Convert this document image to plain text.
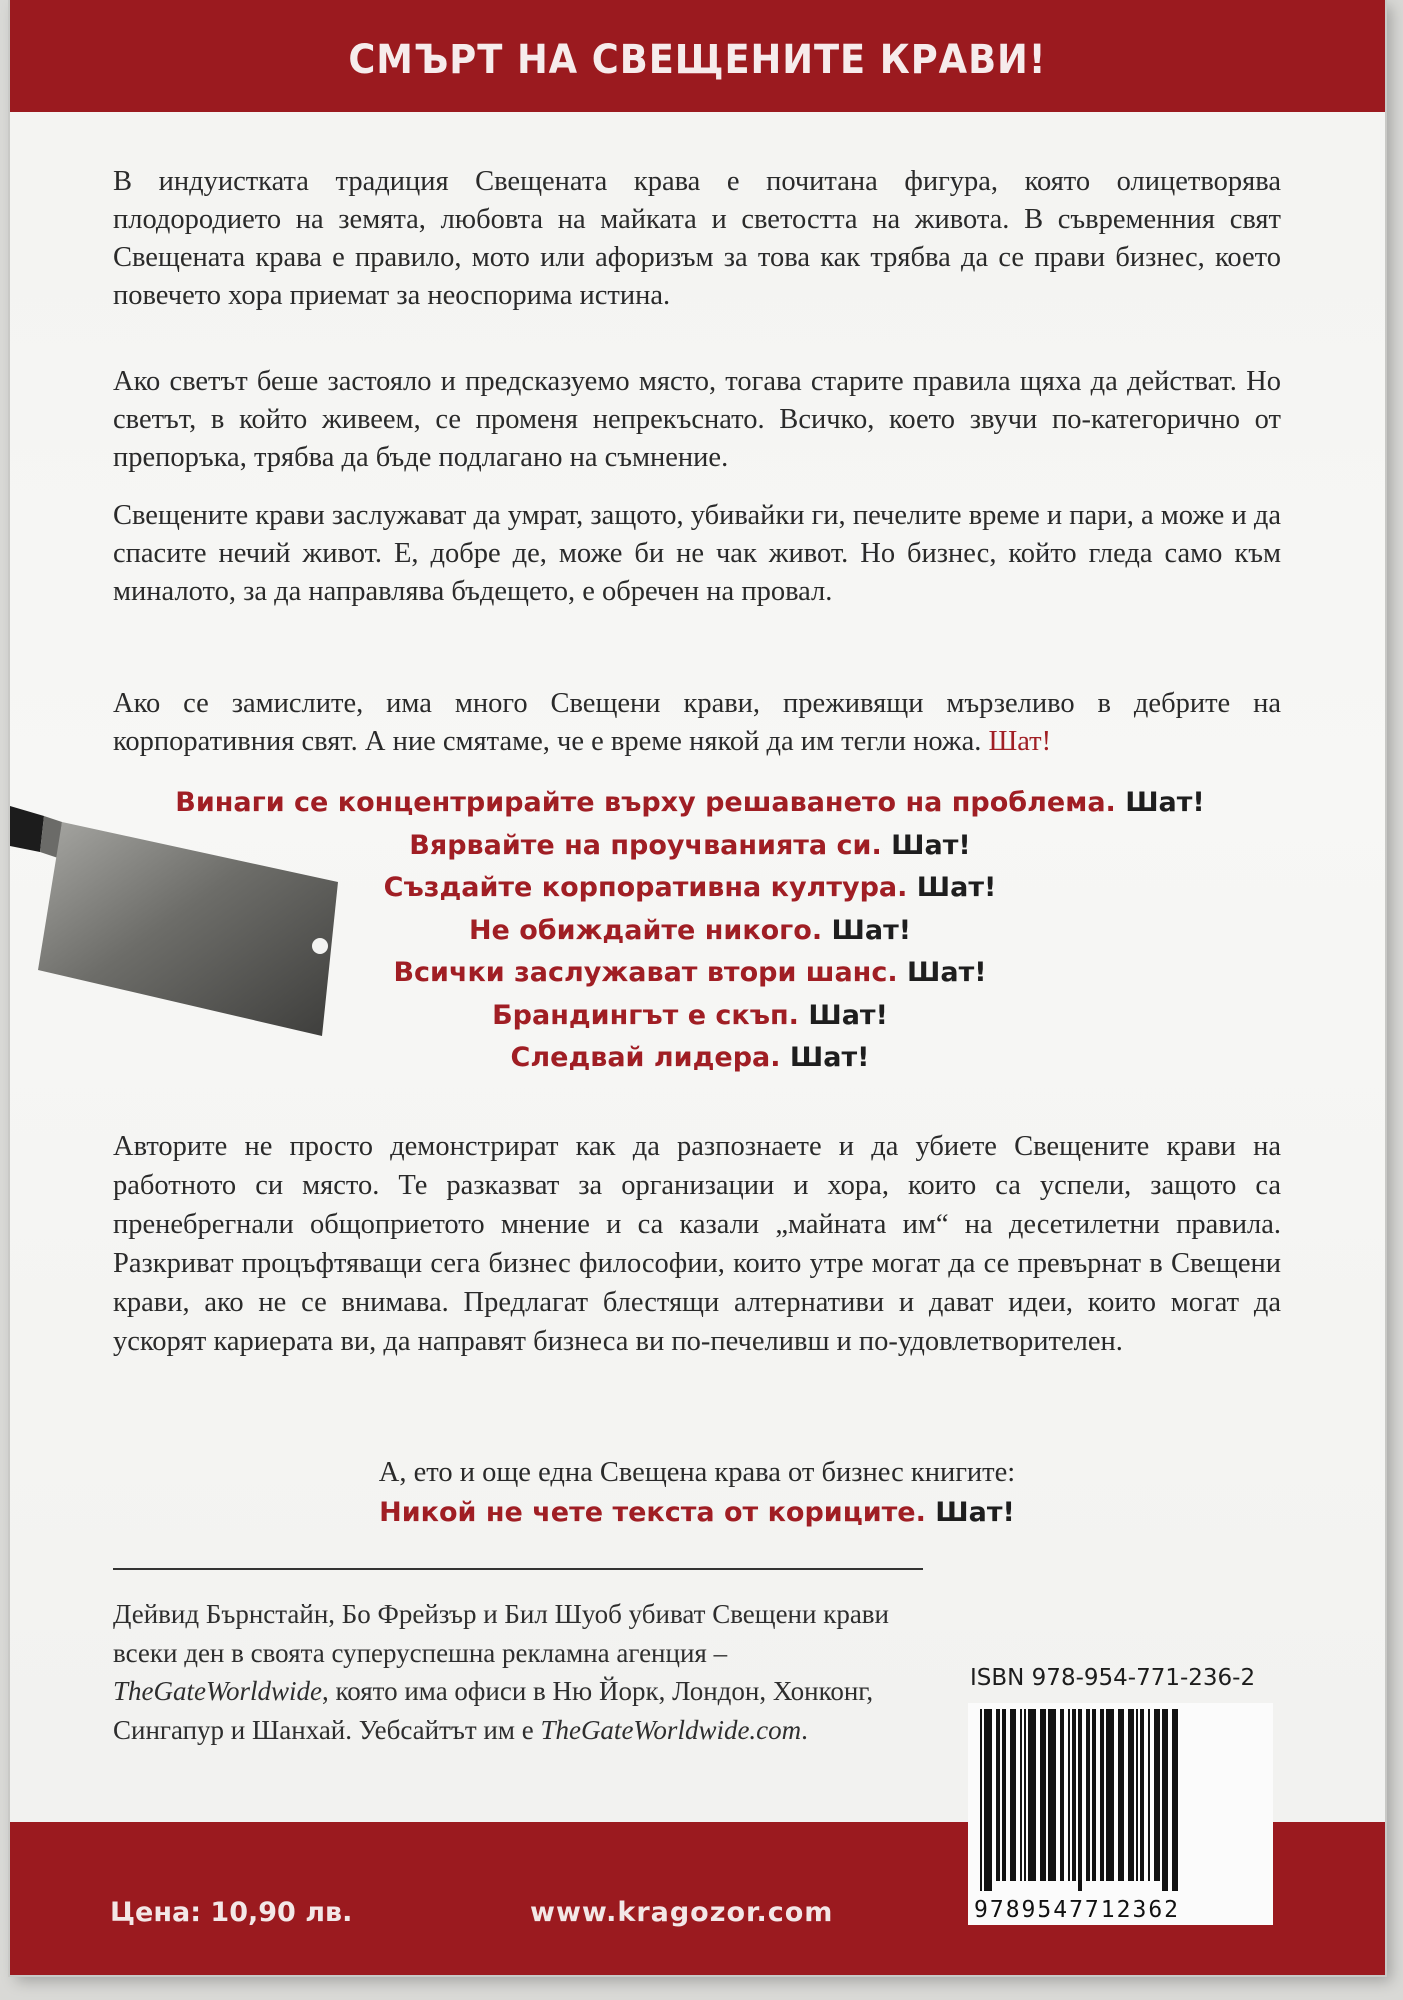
СМЪРТ НА СВЕЩЕНИТЕ КРАВИ!

В индуистката традиция Свещената крава е почитана фигура, която олицетворява плодородието на земята, любовта на майката и светостта на живота. В съвременния свят Свещената крава е правило, мото или афоризъм за това как трябва да се прави бизнес, което повечето хора приемат за неоспорима истина.

Ако светът беше застояло и предсказуемо място, тогава старите правила щяха да действат. Но светът, в който живеем, се променя непрекъснато. Всичко, което звучи по-категорично от препоръка, трябва да бъде подлагано на съмнение.

Свещените крави заслужават да умрат, защото, убивайки ги, печелите време и пари, а може и да спасите нечий живот. Е, добре де, може би не чак живот. Но бизнес, който гледа само към миналото, за да направлява бъдещето, е обречен на провал.

Ако се замислите, има много Свещени крави, преживящи мързеливо в дебрите на корпоративния свят. А ние смятаме, че е време някой да им тегли ножа. Шат!

Винаги се концентрирайте върху решаването на проблема. Шат!
Вярвайте на проучванията си. Шат!
Създайте корпоративна култура. Шат!
Не обиждайте никого. Шат!
Всички заслужават втори шанс. Шат!
Брандингът е скъп. Шат!
Следвай лидера. Шат!

Авторите не просто демонстрират как да разпознаете и да убиете Свещените крави на работното си място. Те разказват за организации и хора, които са успели, защото са пренебрегнали общоприетото мнение и са казали „майната им“ на десетилетни правила. Разкриват процъфтяващи сега бизнес философии, които утре могат да се превърнат в Свещени крави, ако не се внимава. Предлагат блестящи алтернативи и дават идеи, които могат да ускорят кариерата ви, да направят бизнеса ви по-печеливш и по-удовлетворителен.

А, ето и още една Свещена крава от бизнес книгите:
Никой не чете текста от кориците. Шат!

Дейвид Бърнстайн, Бо Фрейзър и Бил Шуоб убиват Свещени крави всеки ден в своята суперуспешна рекламна агенция – TheGateWorldwide, която има офиси в Ню Йорк, Лондон, Хонконг, Сингапур и Шанхай. Уебсайтът им е TheGateWorldwide.com.

ISBN 978-954-771-236-2
Цена: 10,90 лв.	www.kragozor.com	9789547712362
